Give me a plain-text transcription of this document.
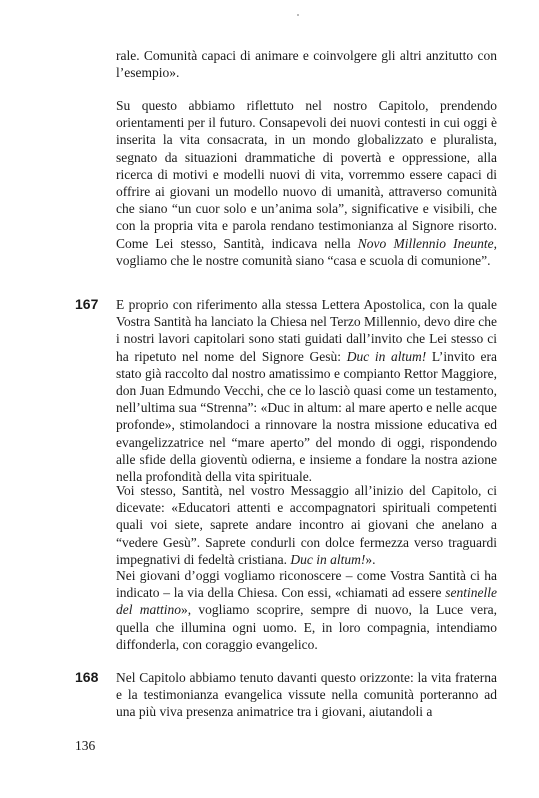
rale. Comunità capaci di animare e coinvolgere gli altri anzitutto con l’esempio».

Su questo abbiamo riflettuto nel nostro Capitolo, prendendo orientamenti per il futuro. Consapevoli dei nuovi contesti in cui oggi è inserita la vita consacrata, in un mondo globalizzato e pluralista, segnato da situazioni drammatiche di povertà e oppressione, alla ricerca di motivi e modelli nuovi di vita, vorremmo essere capaci di offrire ai giovani un modello nuovo di umanità, attraverso comunità che siano “un cuor solo e un’anima sola”, significative e visibili, che con la propria vita e parola rendano testimonianza al Signore risorto. Come Lei stesso, Santità, indicava nella Novo Millennio Ineunte, vogliamo che le nostre comunità siano “casa e scuola di comunione”.

167 E proprio con riferimento alla stessa Lettera Apostolica, con la quale Vostra Santità ha lanciato la Chiesa nel Terzo Millennio, devo dire che i nostri lavori capitolari sono stati guidati dall’invito che Lei stesso ci ha ripetuto nel nome del Signore Gesù: Duc in altum! L’invito era stato già raccolto dal nostro amatissimo e compianto Rettor Maggiore, don Juan Edmundo Vecchi, che ce lo lasciò quasi come un testamento, nell’ultima sua “Strenna”: «Duc in altum: al mare aperto e nelle acque profonde», stimolandoci a rinnovare la nostra missione educativa ed evangelizzatrice nel “mare aperto” del mondo di oggi, rispondendo alle sfide della gioventù odierna, e insieme a fondare la nostra azione nella profondità della vita spirituale.

Voi stesso, Santità, nel vostro Messaggio all’inizio del Capitolo, ci dicevate: «Educatori attenti e accompagnatori spirituali competenti quali voi siete, saprete andare incontro ai giovani che anelano a “vedere Gesù”. Saprete condurli con dolce fermezza verso traguardi impegnativi di fedeltà cristiana. Duc in altum!».

Nei giovani d’oggi vogliamo riconoscere – come Vostra Santità ci ha indicato – la via della Chiesa. Con essi, «chiamati ad essere sentinelle del mattino», vogliamo scoprire, sempre di nuovo, la Luce vera, quella che illumina ogni uomo. E, in loro compagnia, intendiamo diffonderla, con coraggio evangelico.

168 Nel Capitolo abbiamo tenuto davanti questo orizzonte: la vita fraterna e la testimonianza evangelica vissute nella comunità porteranno ad una più viva presenza animatrice tra i giovani, aiutandoli a

136
